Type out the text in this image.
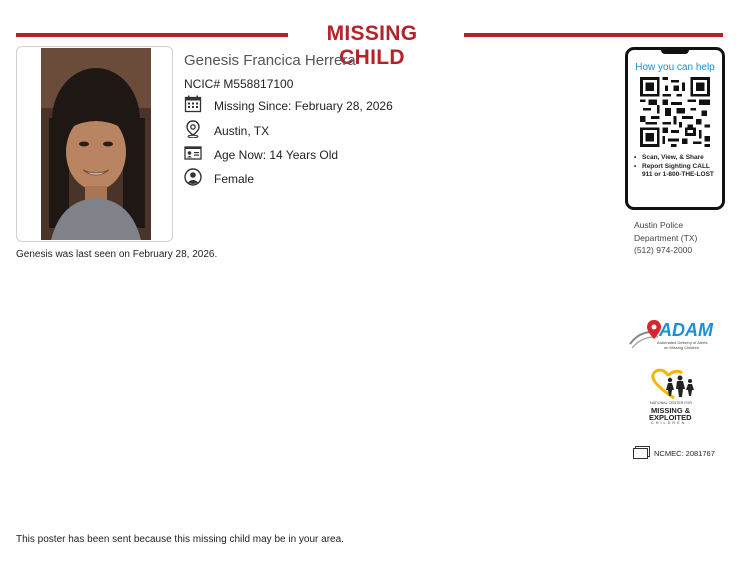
MISSING CHILD
Genesis Francica Herrera
NCIC# M558817100
Missing Since: February 28, 2026
Austin, TX
Age Now: 14 Years Old
Female
Genesis was last seen on February 28, 2026.
How you can help
• Scan, View, & Share
• Report Sighting CALL 911 or 1-800-THE-LOST
Austin Police
Department (TX)
(512) 974-2000
ADAM
Automated Delivery of Alerts
on Missing Children
NATIONAL CENTER FOR
MISSING &
EXPLOITED
CHILDREN
NCMEC: 2081767
This poster has been sent because this missing child may be in your area.
